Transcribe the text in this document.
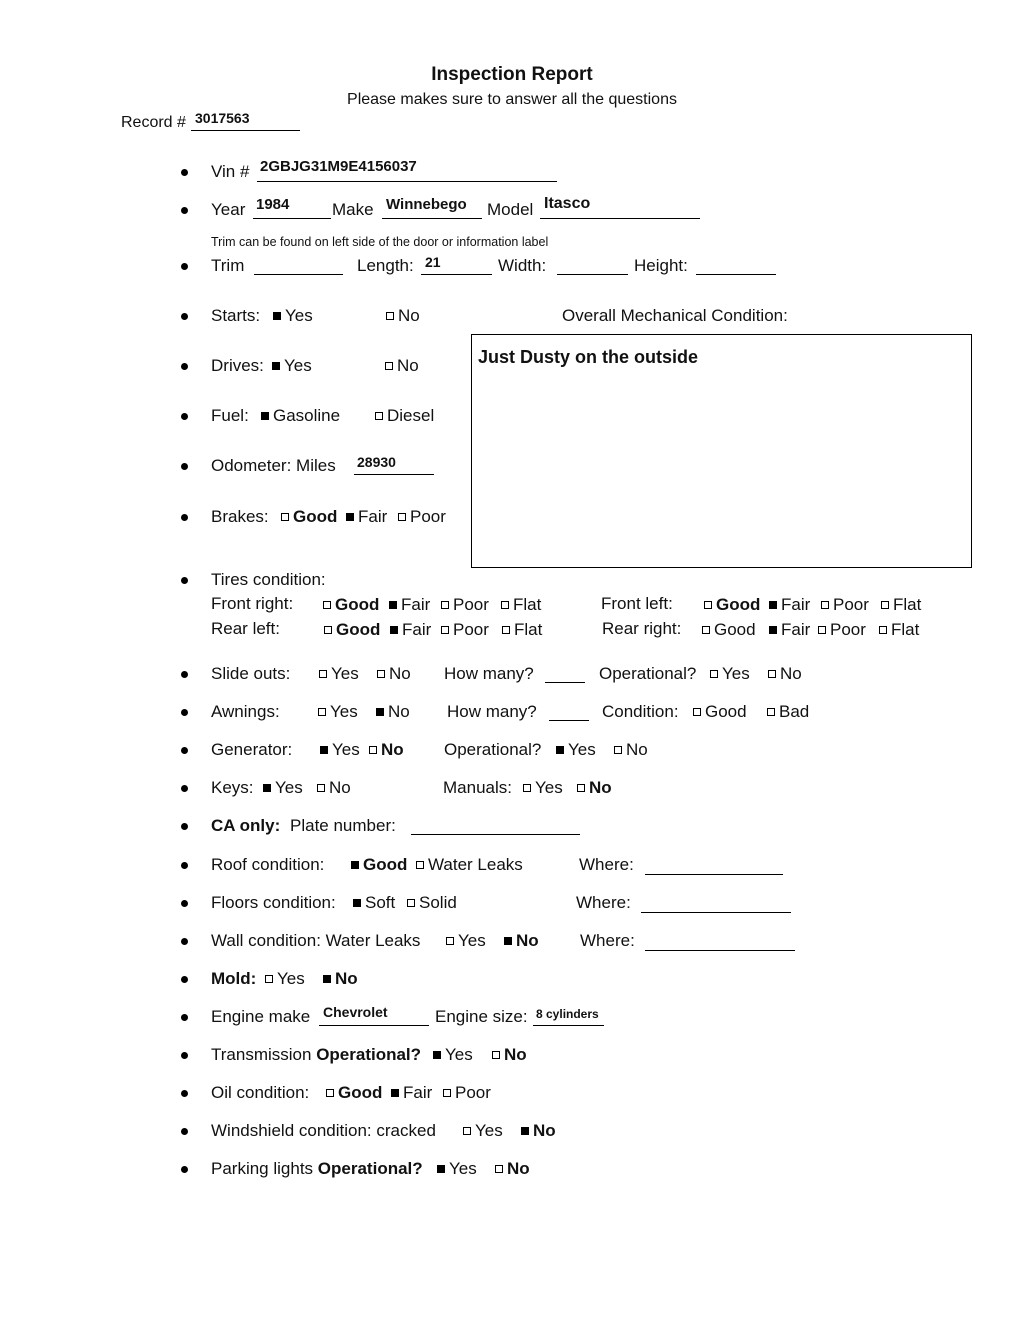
Inspection Report
Please makes sure to answer all the questions
Record # 3017563
Vin # 2GBJG31M9E4156037
Year 1984	Make Winnebego Model Itasco
Trim can be found on left side of the door or information label
Trim	Length: 21	Width:	Height:
Starts:	Yes	No	Overall Mechanical Condition:
Just Dusty on the outside
Drives:	Yes	No
Fuel:	Gasoline	Diesel
Odometer: Miles 28930
Brakes:	Good	Fair	Poor
Tires condition:
Front right:	Good	Fair	Poor	Flat	Front left:	Good	Fair	Poor	Flat
Rear left:	Good	Fair	Poor	Flat	Rear right:	Good	Fair	Poor	Flat
Slide outs:	Yes	No How many?	Operational?	Yes	No
Awnings:	Yes	No How many?	Condition:	Good	Bad
Generator:	Yes	No Operational?	Yes	No
Keys:	Yes	No	Manuals:	Yes	No
CA only: Plate number:
Roof condition:	Good	Water Leaks	Where:
Floors condition:	Soft	Solid	Where:
Wall condition: Water Leaks	Yes	No Where:
Mold:	Yes	No
Engine make Chevrolet	Engine size: 8 cylinders
Transmission Operational?	Yes	No
Oil condition:	Good	Fair	Poor
Windshield condition: cracked	Yes	No
Parking lights Operational?	Yes	No
